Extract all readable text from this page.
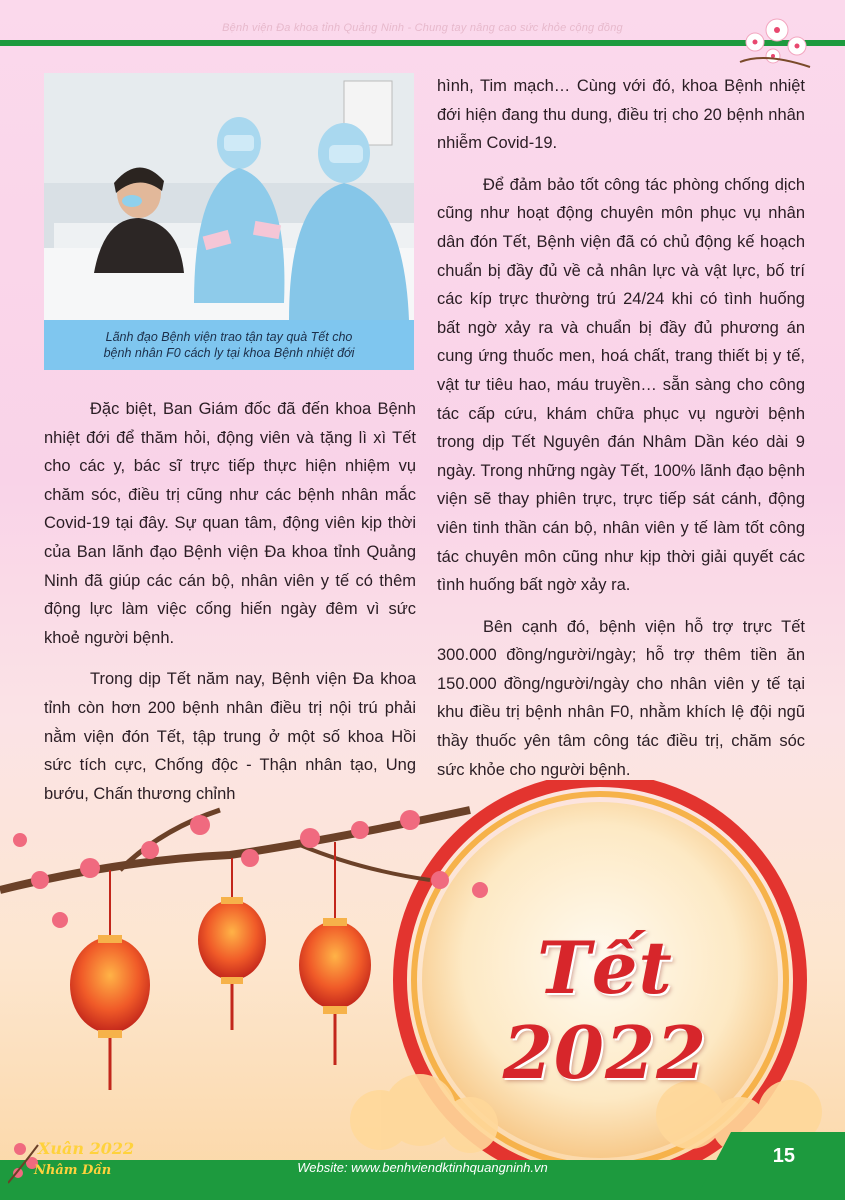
Bệnh viện Đa khoa tỉnh Quảng Ninh - Chung tay nâng cao sức khỏe cộng đồng
Lãnh đạo Bệnh viện trao tận tay quà Tết cho
bệnh nhân F0 cách ly tại khoa Bệnh nhiệt đới

Đặc biệt, Ban Giám đốc đã đến khoa Bệnh nhiệt đới để thăm hỏi, động viên và tặng lì xì Tết cho các y, bác sĩ trực tiếp thực hiện nhiệm vụ chăm sóc, điều trị cũng như các bệnh nhân mắc Covid-19 tại đây. Sự quan tâm, động viên kịp thời của Ban lãnh đạo Bệnh viện Đa khoa tỉnh Quảng Ninh đã giúp các cán bộ, nhân viên y tế có thêm động lực làm việc cống hiến ngày đêm vì sức khoẻ người bệnh.

Trong dịp Tết năm nay, Bệnh viện Đa khoa tỉnh còn hơn 200 bệnh nhân điều trị nội trú phải nằm viện đón Tết, tập trung ở một số khoa Hồi sức tích cực, Chống độc - Thận nhân tạo, Ung bướu, Chấn thương chỉnh

hình, Tim mạch… Cùng với đó, khoa Bệnh nhiệt đới hiện đang thu dung, điều trị cho 20 bệnh nhân nhiễm Covid-19.

Để đảm bảo tốt công tác phòng chống dịch cũng như hoạt động chuyên môn phục vụ nhân dân đón Tết, Bệnh viện đã có chủ động kế hoạch chuẩn bị đầy đủ về cả nhân lực và vật lực, bố trí các kíp trực thường trú 24/24 khi có tình huống bất ngờ xảy ra và chuẩn bị đầy đủ phương án cung ứng thuốc men, hoá chất, trang thiết bị y tế, vật tư tiêu hao, máu truyền… sẵn sàng cho công tác cấp cứu, khám chữa phục vụ người bệnh trong dịp Tết Nguyên đán Nhâm Dần kéo dài 9 ngày. Trong những ngày Tết, 100% lãnh đạo bệnh viện sẽ thay phiên trực, trực tiếp sát cánh, động viên tinh thần cán bộ, nhân viên y tế làm tốt công tác chuyên môn cũng như kịp thời giải quyết các tình huống bất ngờ xảy ra.

Bên cạnh đó, bệnh viện hỗ trợ trực Tết 300.000 đồng/người/ngày; hỗ trợ thêm tiền ăn 150.000 đồng/người/ngày cho nhân viên y tế tại khu điều trị bệnh nhân F0, nhằm khích lệ đội ngũ thầy thuốc yên tâm công tác điều trị, chăm sóc sức khỏe cho người bệnh.

Tết 2022
15
Website: www.benhviendktinhquangninh.vn
Xuân 2022
Nhâm Dần
